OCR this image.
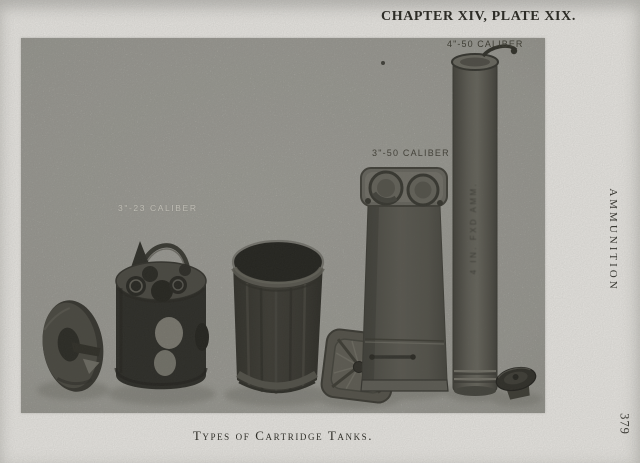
CHAPTER XIV, PLATE XIX.
3"-23 CALIBER
3"-50 CALIBER
4"-50 CALIBER
4 IN. FXD AMM.
Types of Cartridge Tanks.
AMMUNITION
379
